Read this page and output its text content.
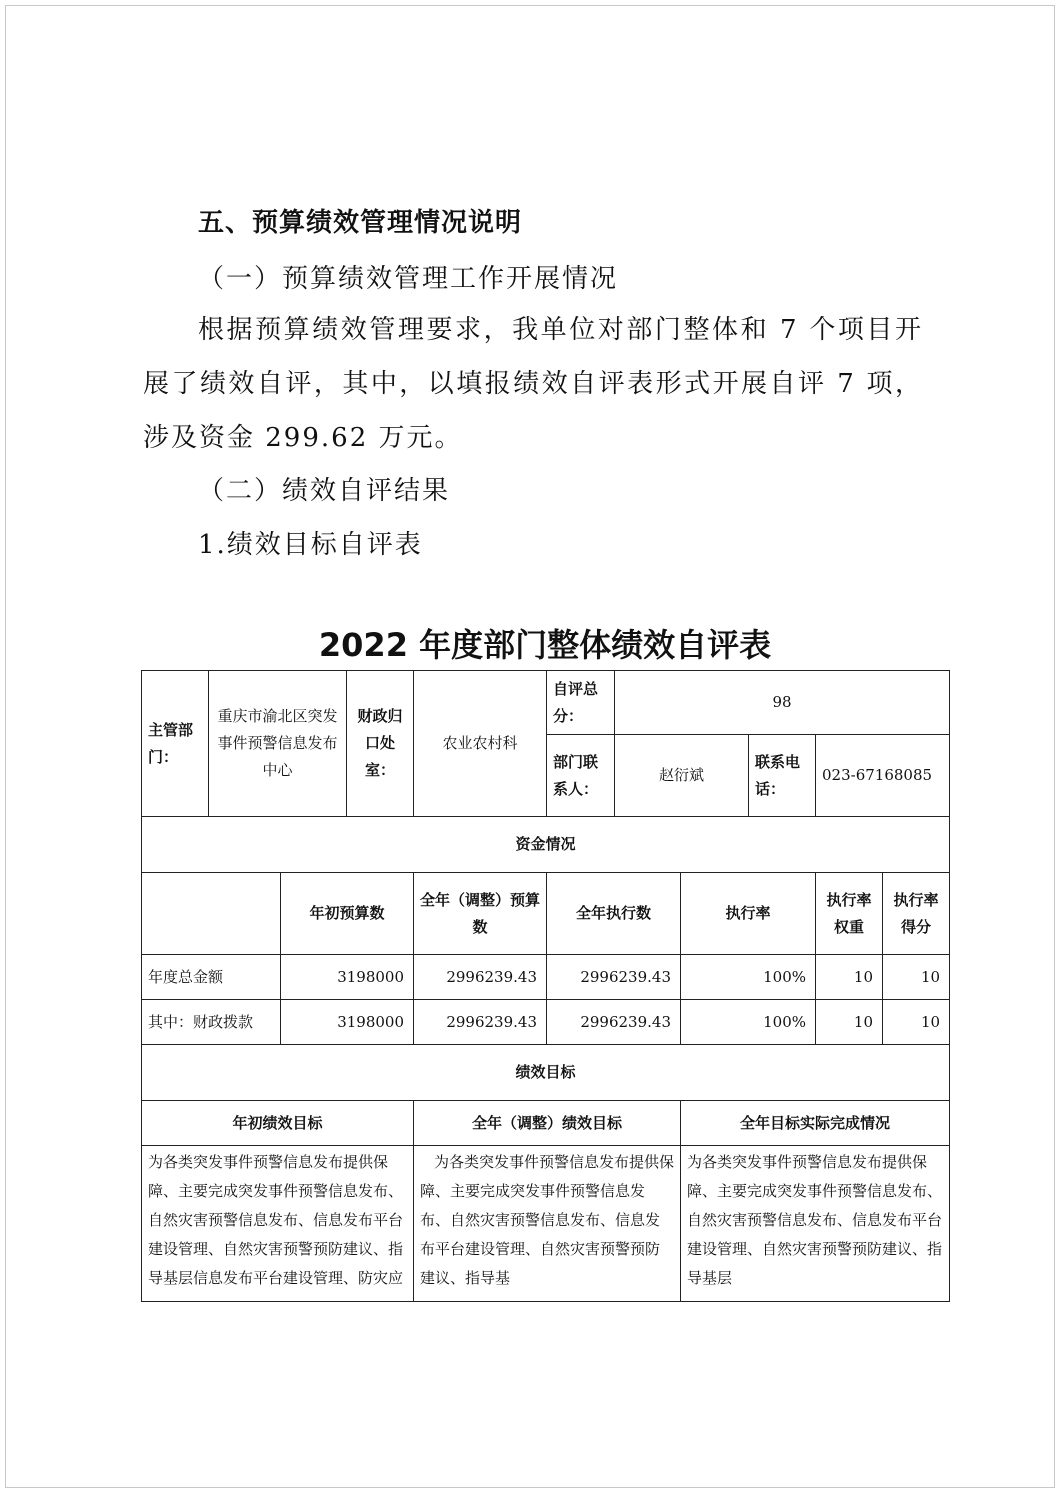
五、预算绩效管理情况说明
（一）预算绩效管理工作开展情况
根据预算绩效管理要求，我单位对部门整体和 7 个项目开展了绩效自评，其中，以填报绩效自评表形式开展自评 7 项，涉及资金 299.62 万元。
（二）绩效自评结果
1.绩效目标自评表
2022 年度部门整体绩效自评表
主管部门：	重庆市渝北区突发事件预警信息发布中心		财政归口处室：	农业农村科	自评总分：	98				
					部门联系人：	赵衍斌		联系电话：	023-67168085	
资金情况										
		年初预算数		全年（调整）预算数	全年执行数		执行率		执行率权重	执行率得分
年度总金额		3198000		2996239.43	2996239.43		100%		10	10
其中：财政拨款		3198000		2996239.43	2996239.43		100%		10	10
绩效目标										
年初绩效目标				全年（调整）绩效目标			全年目标实际完成情况			

为各类突发事件预警信息发布提供保障、主要完成突发事件预警信息发布、自然灾害预警信息发布、信息发布平台建设管理、自然灾害预警预防建议、指导基层信息发布平台建设管理、防灾应				为各类突发事件预警信息发布提供保障、主要完成突发事件预警信息发布、自然灾害预警信息发布、信息发布平台建设管理、自然灾害预警预防建议、指导基			为各类突发事件预警信息发布提供保障、主要完成突发事件预警信息发布、自然灾害预警信息发布、信息发布平台建设管理、自然灾害预警预防建议、指导基层			
